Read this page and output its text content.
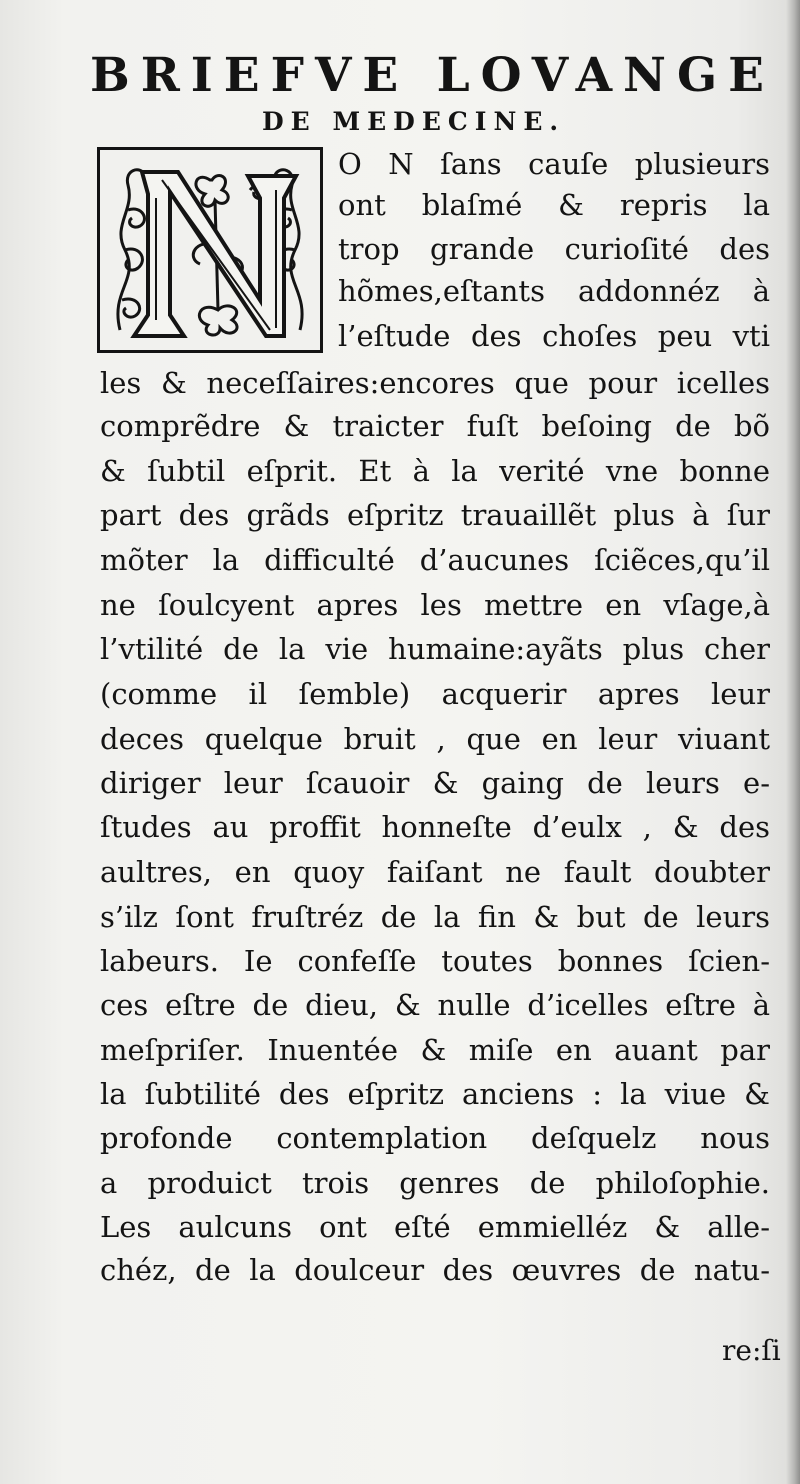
BRIEFVE LOVANGE
DE MEDECINE.
O N ſans cauſe plusieurs
ont blaſmé & repris la
trop grande curioſité des
hõmes,eſtants addonnéz à
l’eſtude des choſes peu vti
les & neceſſaires:encores que pour icelles
comprẽdre & traicter fuſt beſoing de bõ
& ſubtil eſprit. Et à la verité vne bonne
part des grãds eſpritz trauaillẽt plus à ſur
mõter la difficulté d’aucunes ſciẽces,qu’il
ne ſoulcyent apres les mettre en vſage,à
l’vtilité de la vie humaine:ayãts plus cher
(comme il ſemble) acquerir apres leur
deces quelque bruit , que en leur viuant
diriger leur ſcauoir & gaing de leurs e-
ſtudes au proffit honneſte d’eulx , & des
aultres, en quoy faiſant ne fault doubter
s’ilz ſont fruſtréz de la fin & but de leurs
labeurs. Ie confeſſe toutes bonnes ſcien-
ces eſtre de dieu, & nulle d’icelles eſtre à
meſpriſer. Inuentée & miſe en auant par
la ſubtilité des eſpritz anciens : la viue &
profonde contemplation deſquelz nous
a produict trois genres de philoſophie.
Les aulcuns ont eſté emmielléz & alle-
chéz, de la doulceur des œuvres de natu-
re:ſi
